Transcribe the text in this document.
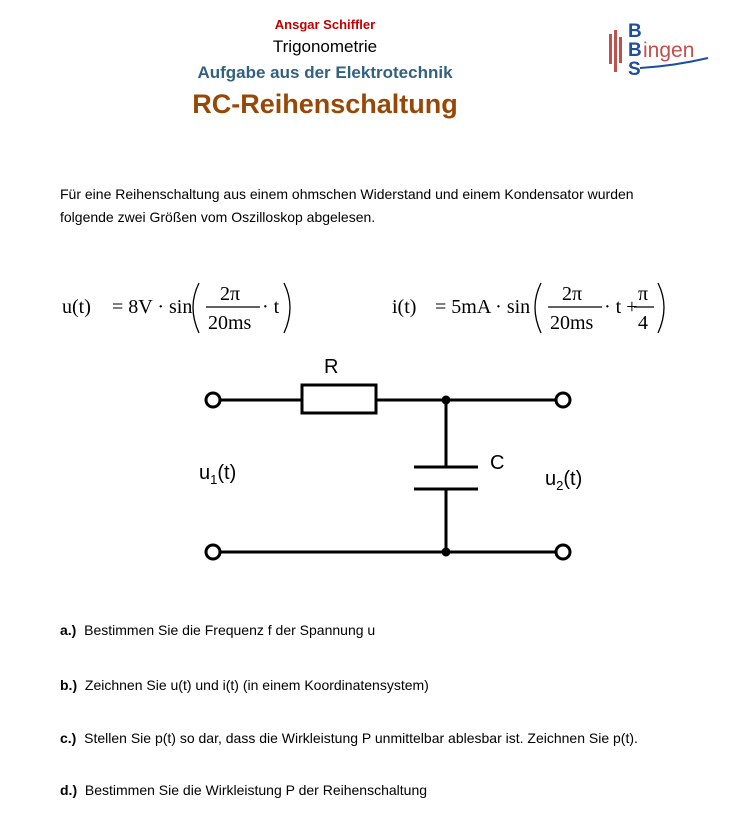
Ansgar Schiffler
Trigonometrie
Aufgabe aus der Elektrotechnik
RC-Reihenschaltung
B
B
S
ingen

Für eine Reihenschaltung aus einem ohmschen Widerstand und einem Kondensator wurden

folgende zwei Größen vom Oszilloskop abgelesen.

u(t) = 8V · sin
2π
20ms
· t	i(t) = 5mA · sin
2π
20ms
· t +
π
4
R
C
$u_1(t)$	$u_2(t)$
a.) Bestimmen Sie die Frequenz f der Spannung u
b.) Zeichnen Sie u(t) und i(t) (in einem Koordinatensystem)
c.) Stellen Sie p(t) so dar, dass die Wirkleistung P unmittelbar ablesbar ist. Zeichnen Sie p(t).
d.) Bestimmen Sie die Wirkleistung P der Reihenschaltung
